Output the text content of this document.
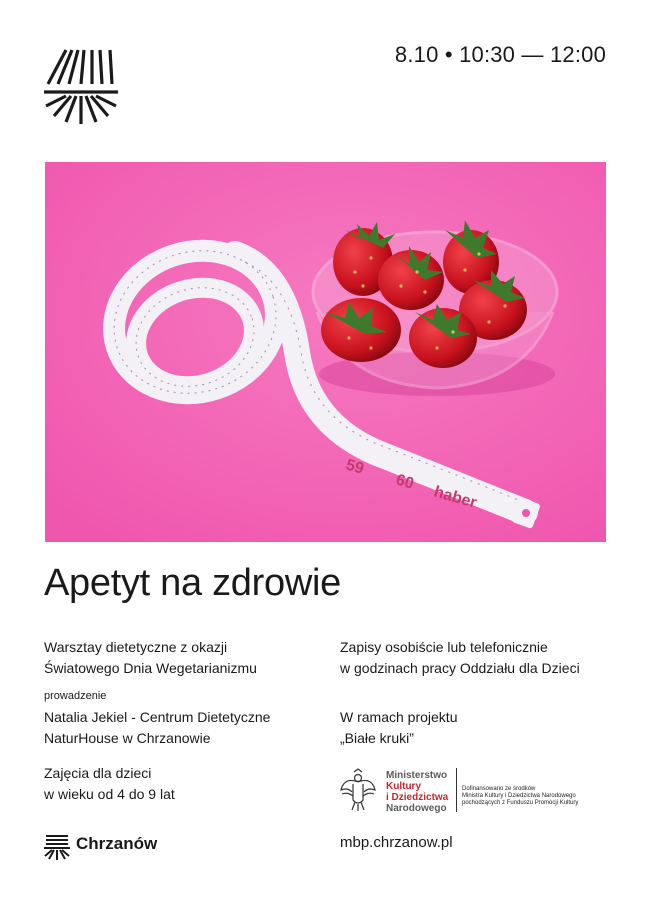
8.10 • 10:30 — 12:00
59
60
haber
Apetyt na zdrowie
Warsztay dietetyczne z okazji
Światowego Dnia Wegetarianizmu
prowadzenie
Natalia Jekiel - Centrum Dietetyczne
NaturHouse w Chrzanowie
Zajęcia dla dzieci
w wieku od 4 do 9 lat
Zapisy osobiście lub telefonicznie
w godzinach pracy Oddziału dla Dzieci
W ramach projektu
„Białe kruki”
Ministerstwo
Kultury
i Dziedzictwa
Narodowego
Dofinansowano ze środków
Ministra Kultury i Dziedzictwa Narodowego
pochodzących z Funduszu Promocji Kultury
Chrzanów	mbp.chrzanow.pl
